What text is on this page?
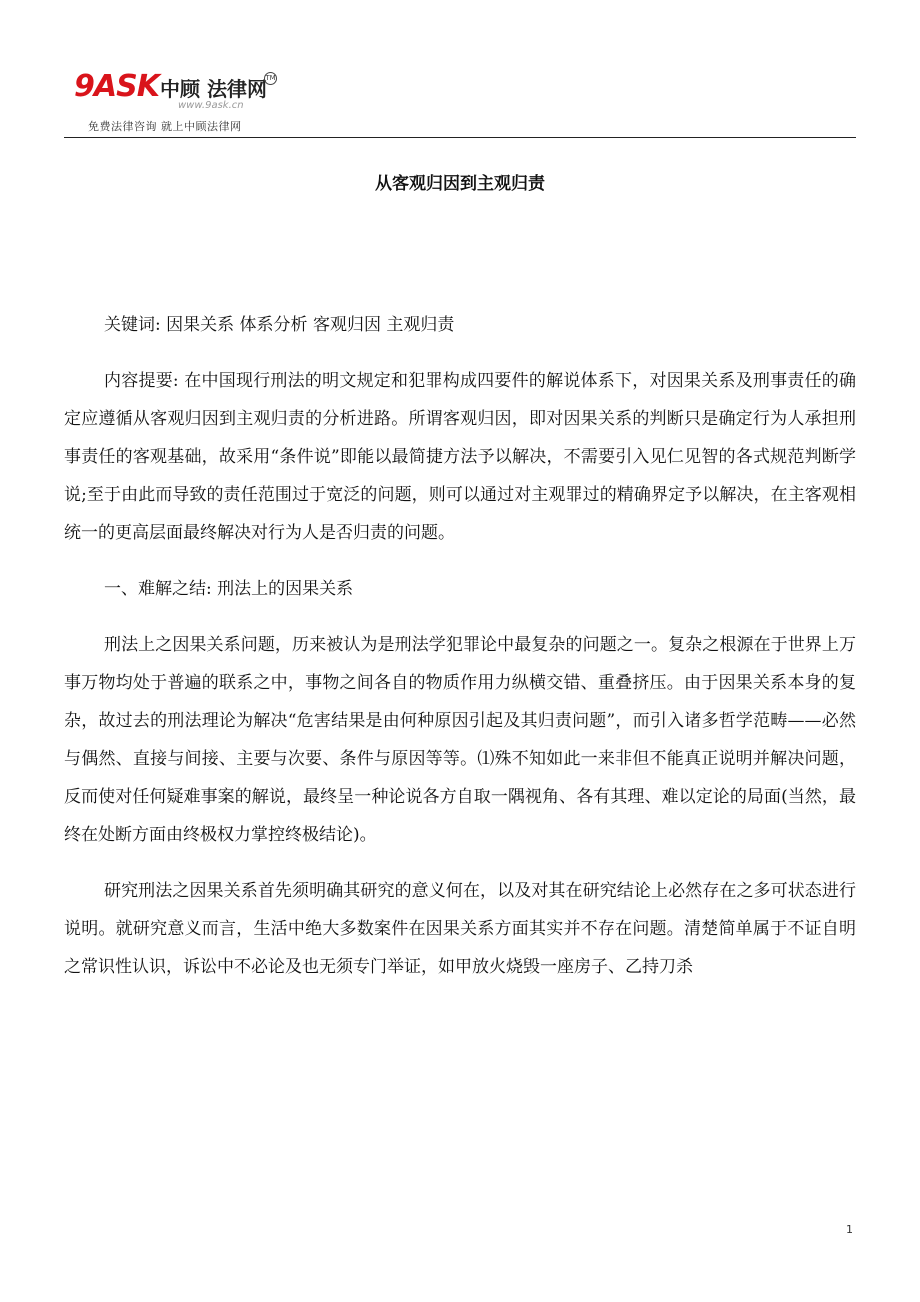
9ASK 中顾 法律网
TM
www.9ask.cn
免费法律咨询 就上中顾法律网
从客观归因到主观归责

关键词: 因果关系 体系分析 客观归因 主观归责

内容提要: 在中国现行刑法的明文规定和犯罪构成四要件的解说体系下，对因果关系及刑事责任的确定应遵循从客观归因到主观归责的分析进路。所谓客观归因，即对因果关系的判断只是确定行为人承担刑事责任的客观基础，故采用“条件说”即能以最简捷方法予以解决，不需要引入见仁见智的各式规范判断学说;至于由此而导致的责任范围过于宽泛的问题，则可以通过对主观罪过的精确界定予以解决，在主客观相统一的更高层面最终解决对行为人是否归责的问题。

一、难解之结: 刑法上的因果关系

刑法上之因果关系问题，历来被认为是刑法学犯罪论中最复杂的问题之一。复杂之根源在于世界上万事万物均处于普遍的联系之中，事物之间各自的物质作用力纵横交错、重叠挤压。由于因果关系本身的复杂，故过去的刑法理论为解决“危害结果是由何种原因引起及其归责问题”，而引入诸多哲学范畴——必然与偶然、直接与间接、主要与次要、条件与原因等等。⑴殊不知如此一来非但不能真正说明并解决问题，反而使对任何疑难事案的解说，最终呈一种论说各方自取一隅视角、各有其理、难以定论的局面(当然，最终在处断方面由终极权力掌控终极结论)。

研究刑法之因果关系首先须明确其研究的意义何在，以及对其在研究结论上必然存在之多可状态进行说明。就研究意义而言，生活中绝大多数案件在因果关系方面其实并不存在问题。清楚简单属于不证自明之常识性认识，诉讼中不必论及也无须专门举证，如甲放火烧毁一座房子、乙持刀杀

1
